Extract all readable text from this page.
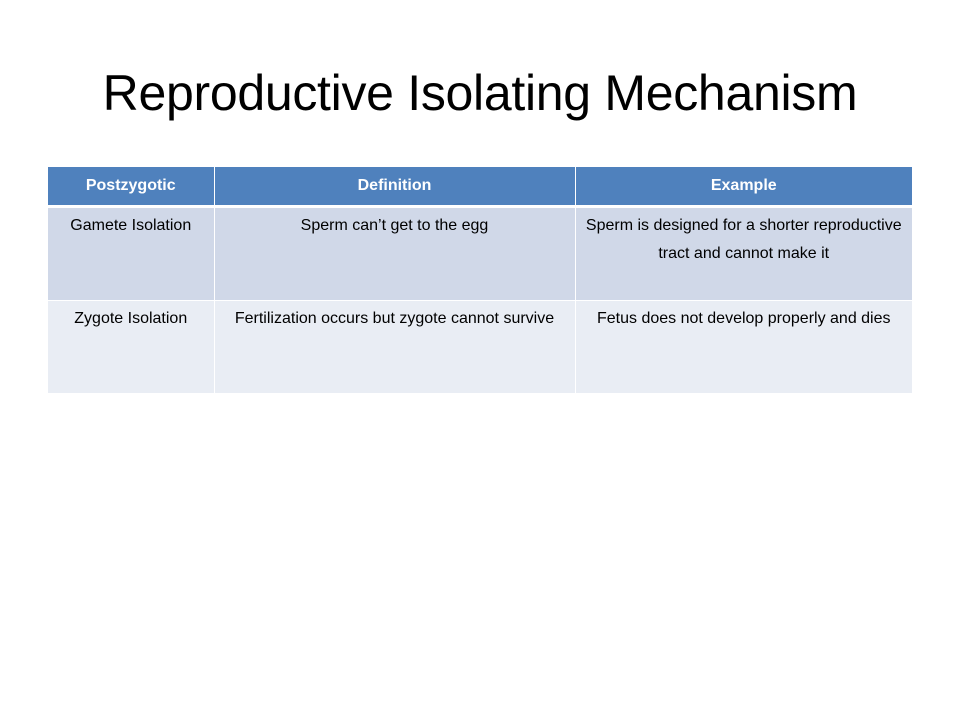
Reproductive Isolating Mechanism
Postzygotic	Definition	Example
Gamete Isolation	Sperm can’t get to the egg	Sperm is designed for a shorter reproductive tract and cannot make it
Zygote Isolation	Fertilization occurs but zygote cannot survive	Fetus does not develop properly and dies
